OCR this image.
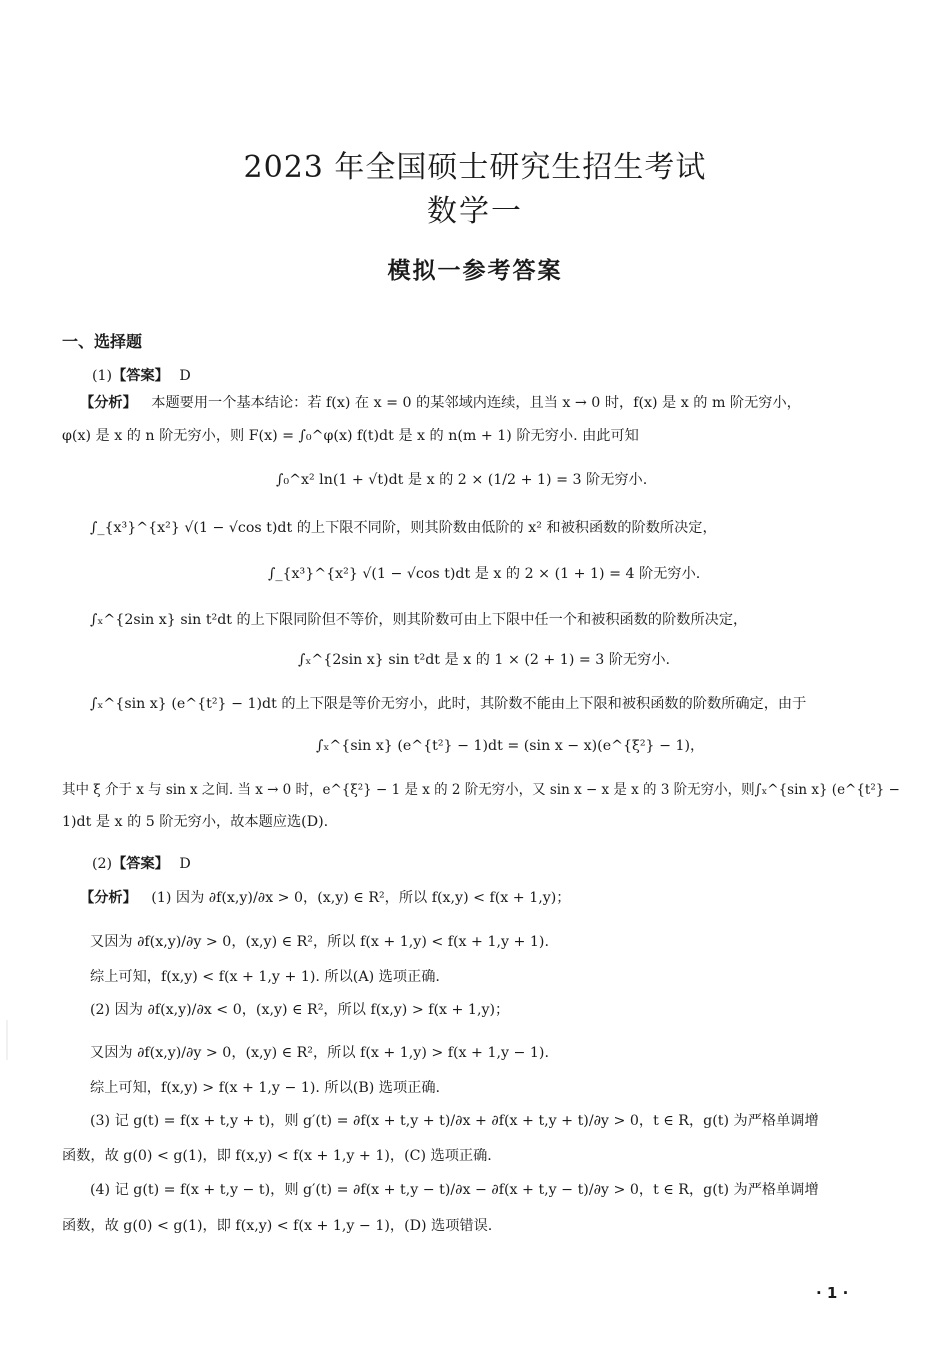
2023 年全国硕士研究生招生考试
数学一
模拟一参考答案
一、选择题
(1)【答案】 D
【分析】 本题要用一个基本结论：若 f(x) 在 x = 0 的某邻域内连续，且当 x → 0 时，f(x) 是 x 的 m 阶无穷小，
φ(x) 是 x 的 n 阶无穷小，则 F(x) = ∫₀^φ(x) f(t)dt 是 x 的 n(m + 1) 阶无穷小. 由此可知
∫₀^x² ln(1 + √t)dt 是 x 的 2 × (1/2 + 1) = 3 阶无穷小.
∫_{x³}^{x²} √(1 − √cos t)dt 的上下限不同阶，则其阶数由低阶的 x² 和被积函数的阶数所决定，
∫_{x³}^{x²} √(1 − √cos t)dt 是 x 的 2 × (1 + 1) = 4 阶无穷小.
∫ₓ^{2sin x} sin t²dt 的上下限同阶但不等价，则其阶数可由上下限中任一个和被积函数的阶数所决定，
∫ₓ^{2sin x} sin t²dt 是 x 的 1 × (2 + 1) = 3 阶无穷小.
∫ₓ^{sin x} (e^{t²} − 1)dt 的上下限是等价无穷小，此时，其阶数不能由上下限和被积函数的阶数所确定，由于
∫ₓ^{sin x} (e^{t²} − 1)dt = (sin x − x)(e^{ξ²} − 1)，
其中 ξ 介于 x 与 sin x 之间. 当 x → 0 时，e^{ξ²} − 1 是 x 的 2 阶无穷小，又 sin x − x 是 x 的 3 阶无穷小，则∫ₓ^{sin x} (e^{t²} −
1)dt 是 x 的 5 阶无穷小，故本题应选(D).
(2)【答案】 D
【分析】 (1) 因为 ∂f(x,y)/∂x > 0，(x,y) ∈ R²，所以 f(x,y) < f(x + 1,y)；
又因为 ∂f(x,y)/∂y > 0，(x,y) ∈ R²，所以 f(x + 1,y) < f(x + 1,y + 1).
综上可知，f(x,y) < f(x + 1,y + 1). 所以(A) 选项正确.
(2) 因为 ∂f(x,y)/∂x < 0，(x,y) ∈ R²，所以 f(x,y) > f(x + 1,y)；
又因为 ∂f(x,y)/∂y > 0，(x,y) ∈ R²，所以 f(x + 1,y) > f(x + 1,y − 1).
综上可知，f(x,y) > f(x + 1,y − 1). 所以(B) 选项正确.
(3) 记 g(t) = f(x + t,y + t)，则 g′(t) = ∂f(x + t,y + t)/∂x + ∂f(x + t,y + t)/∂y > 0，t ∈ R，g(t) 为严格单调增
函数，故 g(0) < g(1)，即 f(x,y) < f(x + 1,y + 1)，(C) 选项正确.
(4) 记 g(t) = f(x + t,y − t)，则 g′(t) = ∂f(x + t,y − t)/∂x − ∂f(x + t,y − t)/∂y > 0，t ∈ R，g(t) 为严格单调增
函数，故 g(0) < g(1)，即 f(x,y) < f(x + 1,y − 1)，(D) 选项错误.
· 1 ·
